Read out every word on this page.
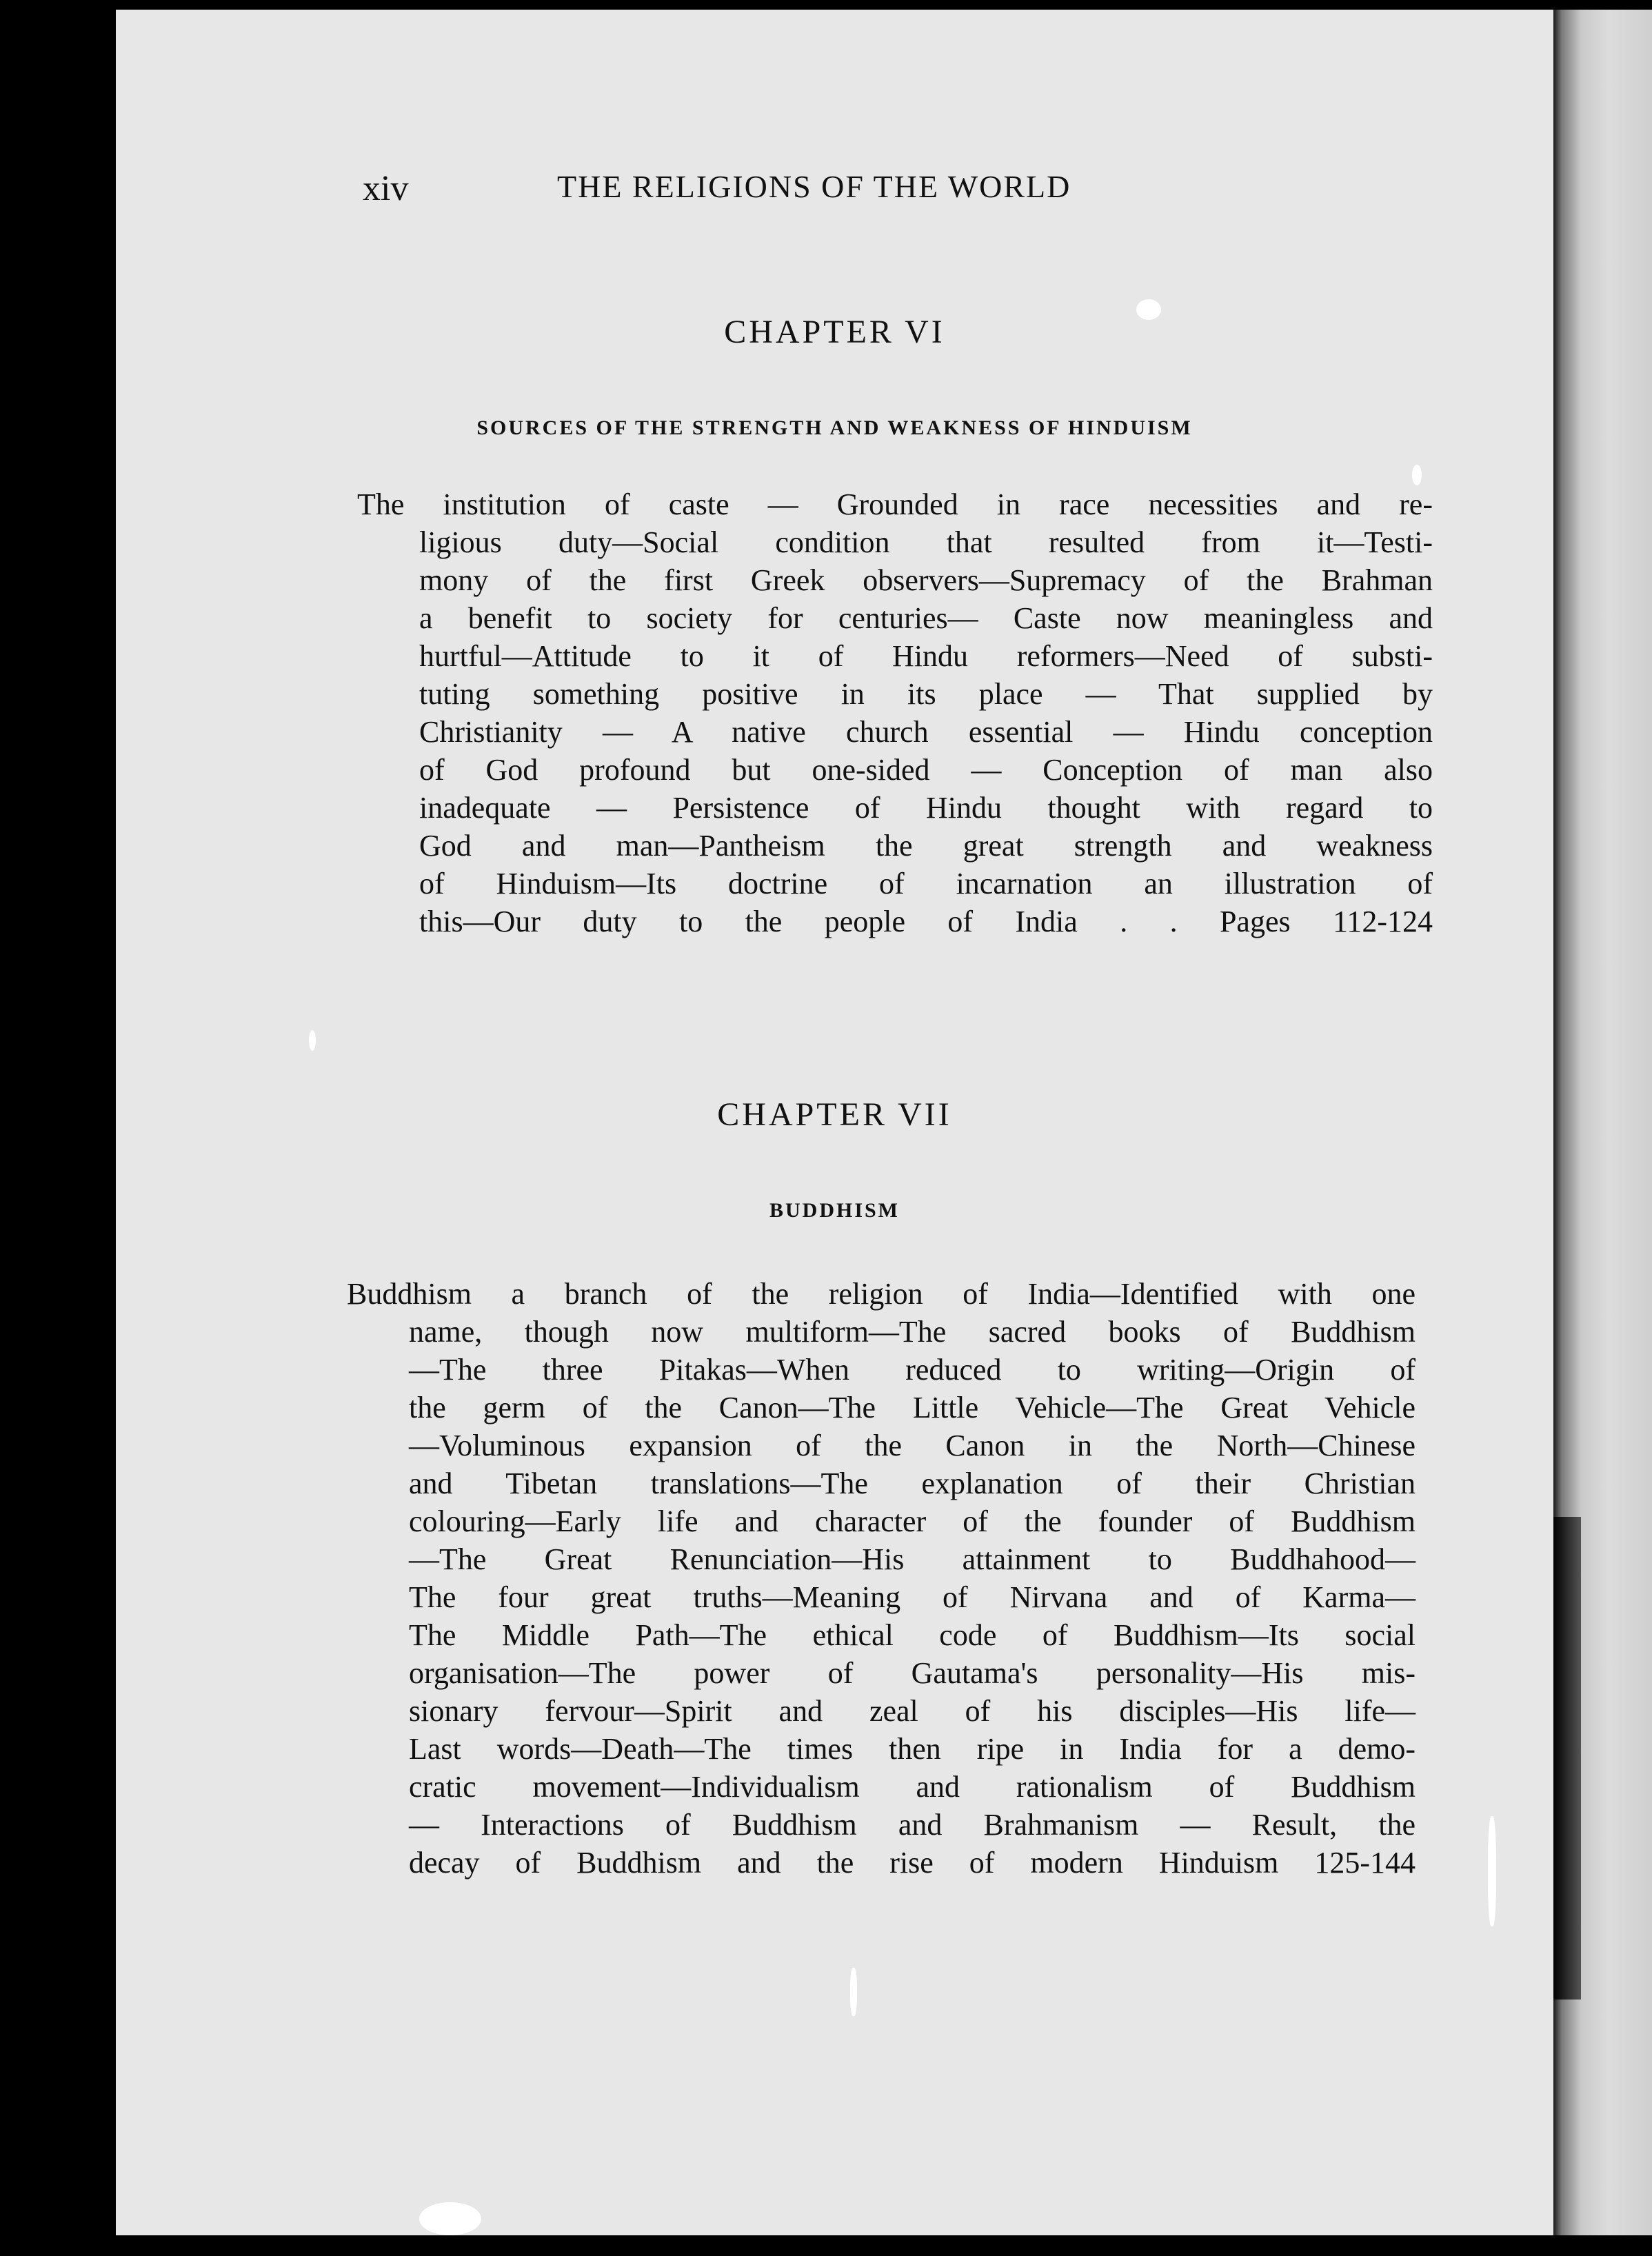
xiv	THE RELIGIONS OF THE WORLD
CHAPTER VI
SOURCES OF THE STRENGTH AND WEAKNESS OF HINDUISM
The institution of caste — Grounded in race necessities and re-
ligious duty—Social condition that resulted from it—Testi-
mony of the first Greek observers—Supremacy of the Brahman
a benefit to society for centuries— Caste now meaningless and
hurtful—Attitude to it of Hindu reformers—Need of substi-
tuting something positive in its place — That supplied by
Christianity — A native church essential — Hindu conception
of God profound but one-sided — Conception of man also
inadequate — Persistence of Hindu thought with regard to
God and man—Pantheism the great strength and weakness
of Hinduism—Its doctrine of incarnation an illustration of
this—Our duty to the people of India . . Pages 112-124
CHAPTER VII
BUDDHISM
Buddhism a branch of the religion of India—Identified with one
name, though now multiform—The sacred books of Buddhism
—The three Pitakas—When reduced to writing—Origin of
the germ of the Canon—The Little Vehicle—The Great Vehicle
—Voluminous expansion of the Canon in the North—Chinese
and Tibetan translations—The explanation of their Christian
colouring—Early life and character of the founder of Buddhism
—The Great Renunciation—His attainment to Buddhahood—
The four great truths—Meaning of Nirvana and of Karma—
The Middle Path—The ethical code of Buddhism—Its social
organisation—The power of Gautama's personality—His mis-
sionary fervour—Spirit and zeal of his disciples—His life—
Last words—Death—The times then ripe in India for a demo-
cratic movement—Individualism and rationalism of Buddhism
— Interactions of Buddhism and Brahmanism — Result, the
decay of Buddhism and the rise of modern Hinduism 125-144
